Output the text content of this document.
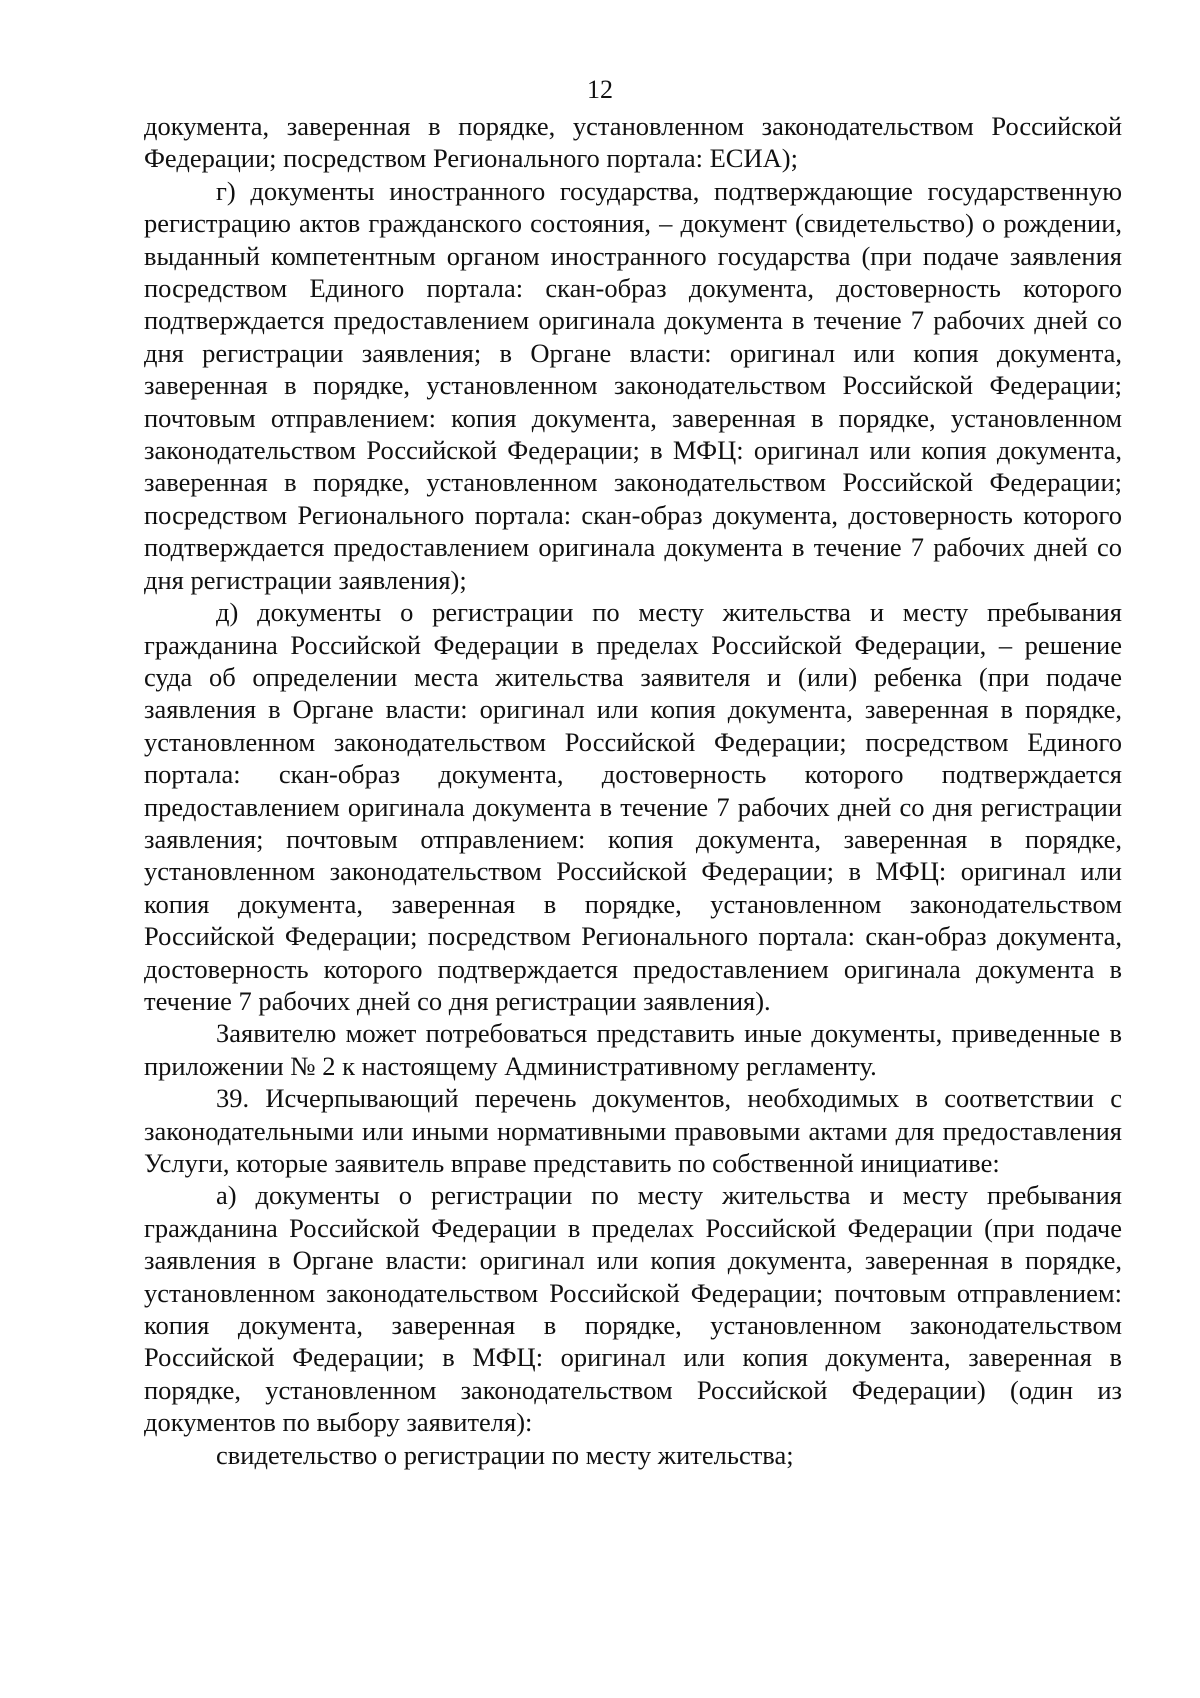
12

документа, заверенная в порядке, установленном законодательством Российской Федерации; посредством Регионального портала: ЕСИА);

г) документы иностранного государства, подтверждающие государственную регистрацию актов гражданского состояния, – документ (свидетельство) о рождении, выданный компетентным органом иностранного государства (при подаче заявления посредством Единого портала: скан-образ документа, достоверность которого подтверждается предоставлением оригинала документа в течение 7 рабочих дней со дня регистрации заявления; в Органе власти: оригинал или копия документа, заверенная в порядке, установленном законодательством Российской Федерации; почтовым отправлением: копия документа, заверенная в порядке, установленном законодательством Российской Федерации; в МФЦ: оригинал или копия документа, заверенная в порядке, установленном законодательством Российской Федерации; посредством Регионального портала: скан-образ документа, достоверность которого подтверждается предоставлением оригинала документа в течение 7 рабочих дней со дня регистрации заявления);

д) документы о регистрации по месту жительства и месту пребывания гражданина Российской Федерации в пределах Российской Федерации, – решение суда об определении места жительства заявителя и (или) ребенка (при подаче заявления в Органе власти: оригинал или копия документа, заверенная в порядке, установленном законодательством Российской Федерации; посредством Единого портала: скан-образ документа, достоверность которого подтверждается предоставлением оригинала документа в течение 7 рабочих дней со дня регистрации заявления; почтовым отправлением: копия документа, заверенная в порядке, установленном законодательством Российской Федерации; в МФЦ: оригинал или копия документа, заверенная в порядке, установленном законодательством Российской Федерации; посредством Регионального портала: скан-образ документа, достоверность которого подтверждается предоставлением оригинала документа в течение 7 рабочих дней со дня регистрации заявления).

Заявителю может потребоваться представить иные документы, приведенные в приложении № 2 к настоящему Административному регламенту.

39. Исчерпывающий перечень документов, необходимых в соответствии с законодательными или иными нормативными правовыми актами для предоставления Услуги, которые заявитель вправе представить по собственной инициативе:

а) документы о регистрации по месту жительства и месту пребывания гражданина Российской Федерации в пределах Российской Федерации (при подаче заявления в Органе власти: оригинал или копия документа, заверенная в порядке, установленном законодательством Российской Федерации; почтовым отправлением: копия документа, заверенная в порядке, установленном законодательством Российской Федерации; в МФЦ: оригинал или копия документа, заверенная в порядке, установленном законодательством Российской Федерации) (один из документов по выбору заявителя):

свидетельство о регистрации по месту жительства;
